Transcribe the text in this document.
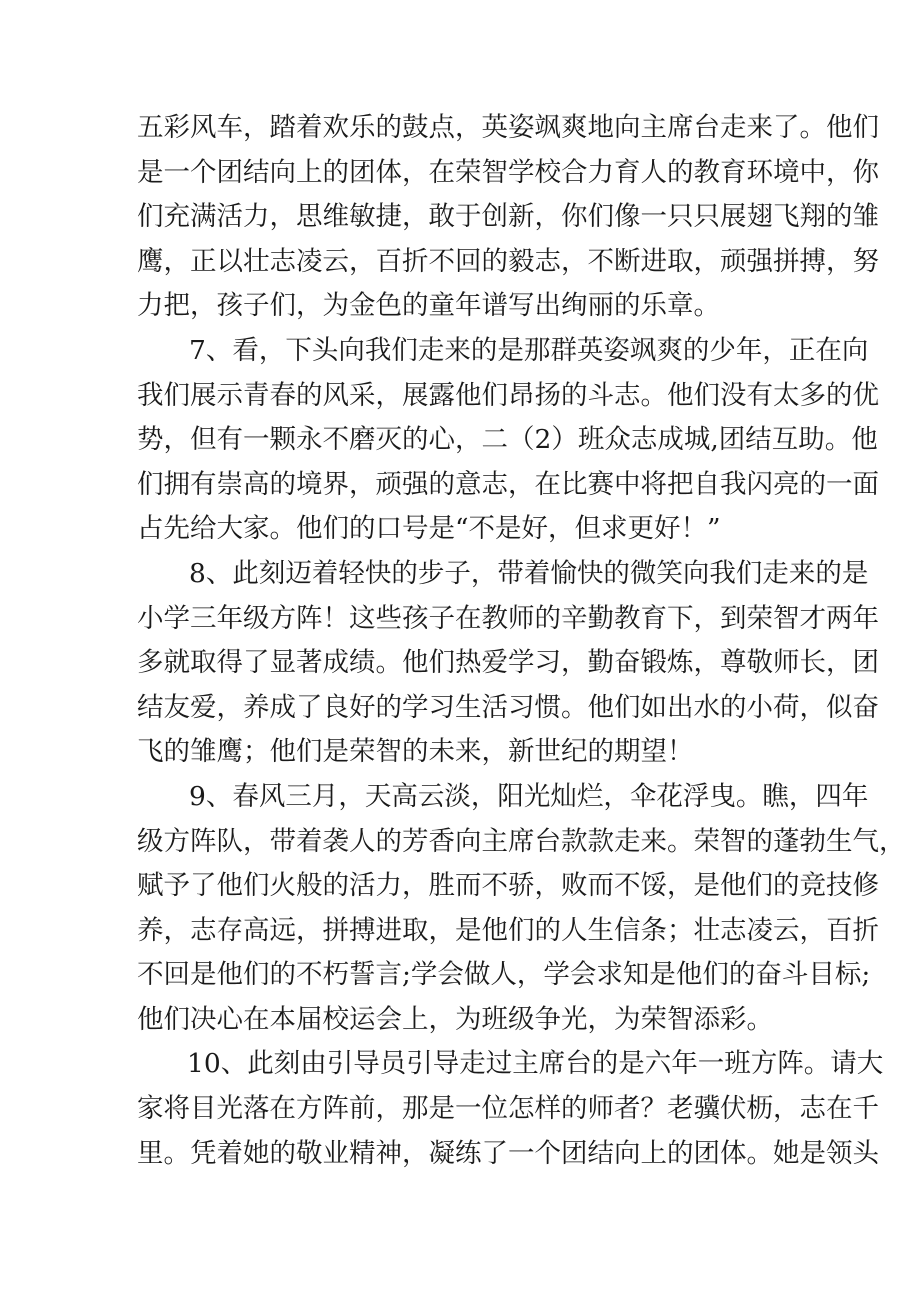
五彩风车，踏着欢乐的鼓点，英姿飒爽地向主席台走来了。他们
是一个团结向上的团体，在荣智学校合力育人的教育环境中，你
们充满活力，思维敏捷，敢于创新，你们像一只只展翅飞翔的雏
鹰，正以壮志凌云，百折不回的毅志，不断进取，顽强拼搏，努
力把，孩子们，为金色的童年谱写出绚丽的乐章。
7、看，下头向我们走来的是那群英姿飒爽的少年，正在向
我们展示青春的风采，展露他们昂扬的斗志。他们没有太多的优
势，但有一颗永不磨灭的心，二（2）班众志成城,团结互助。他
们拥有崇高的境界，顽强的意志，在比赛中将把自我闪亮的一面
占先给大家。他们的口号是“不是好，但求更好！”
8、此刻迈着轻快的步子，带着愉快的微笑向我们走来的是
小学三年级方阵！这些孩子在教师的辛勤教育下，到荣智才两年
多就取得了显著成绩。他们热爱学习，勤奋锻炼，尊敬师长，团
结友爱，养成了良好的学习生活习惯。他们如出水的小荷，似奋
飞的雏鹰；他们是荣智的未来，新世纪的期望！
9、春风三月，天高云淡，阳光灿烂，伞花浮曳。瞧，四年
级方阵队，带着袭人的芳香向主席台款款走来。荣智的蓬勃生气，
赋予了他们火般的活力，胜而不骄，败而不馁，是他们的竞技修
养，志存高远，拼搏进取，是他们的人生信条；壮志凌云，百折
不回是他们的不朽誓言;学会做人，学会求知是他们的奋斗目标;
他们决心在本届校运会上，为班级争光，为荣智添彩。
10、此刻由引导员引导走过主席台的是六年一班方阵。请大
家将目光落在方阵前，那是一位怎样的师者？老骥伏枥，志在千
里。凭着她的敬业精神，凝练了一个团结向上的团体。她是领头
